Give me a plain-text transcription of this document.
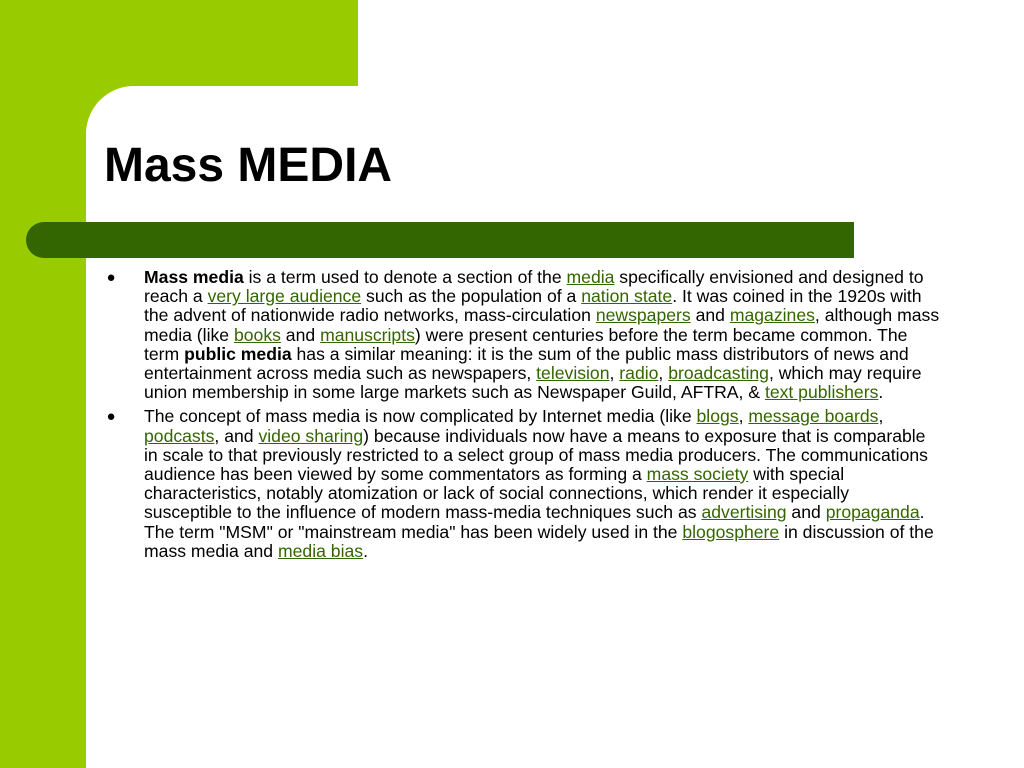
Mass MEDIA
● Mass media is a term used to denote a section of the media specifically envisioned and designed to reach a very large audience such as the population of a nation state. It was coined in the 1920s with the advent of nationwide radio networks, mass-circulation newspapers and magazines, although mass media (like books and manuscripts) were present centuries before the term became common. The term public media has a similar meaning: it is the sum of the public mass distributors of news and entertainment across media such as newspapers, television, radio, broadcasting, which may require union membership in some large markets such as Newspaper Guild, AFTRA, & text publishers.
● The concept of mass media is now complicated by Internet media (like blogs, message boards, podcasts, and video sharing) because individuals now have a means to exposure that is comparable in scale to that previously restricted to a select group of mass media producers. The communications audience has been viewed by some commentators as forming a mass society with special characteristics, notably atomization or lack of social connections, which render it especially susceptible to the influence of modern mass-media techniques such as advertising and propaganda. The term "MSM" or "mainstream media" has been widely used in the blogosphere in discussion of the mass media and media bias.
